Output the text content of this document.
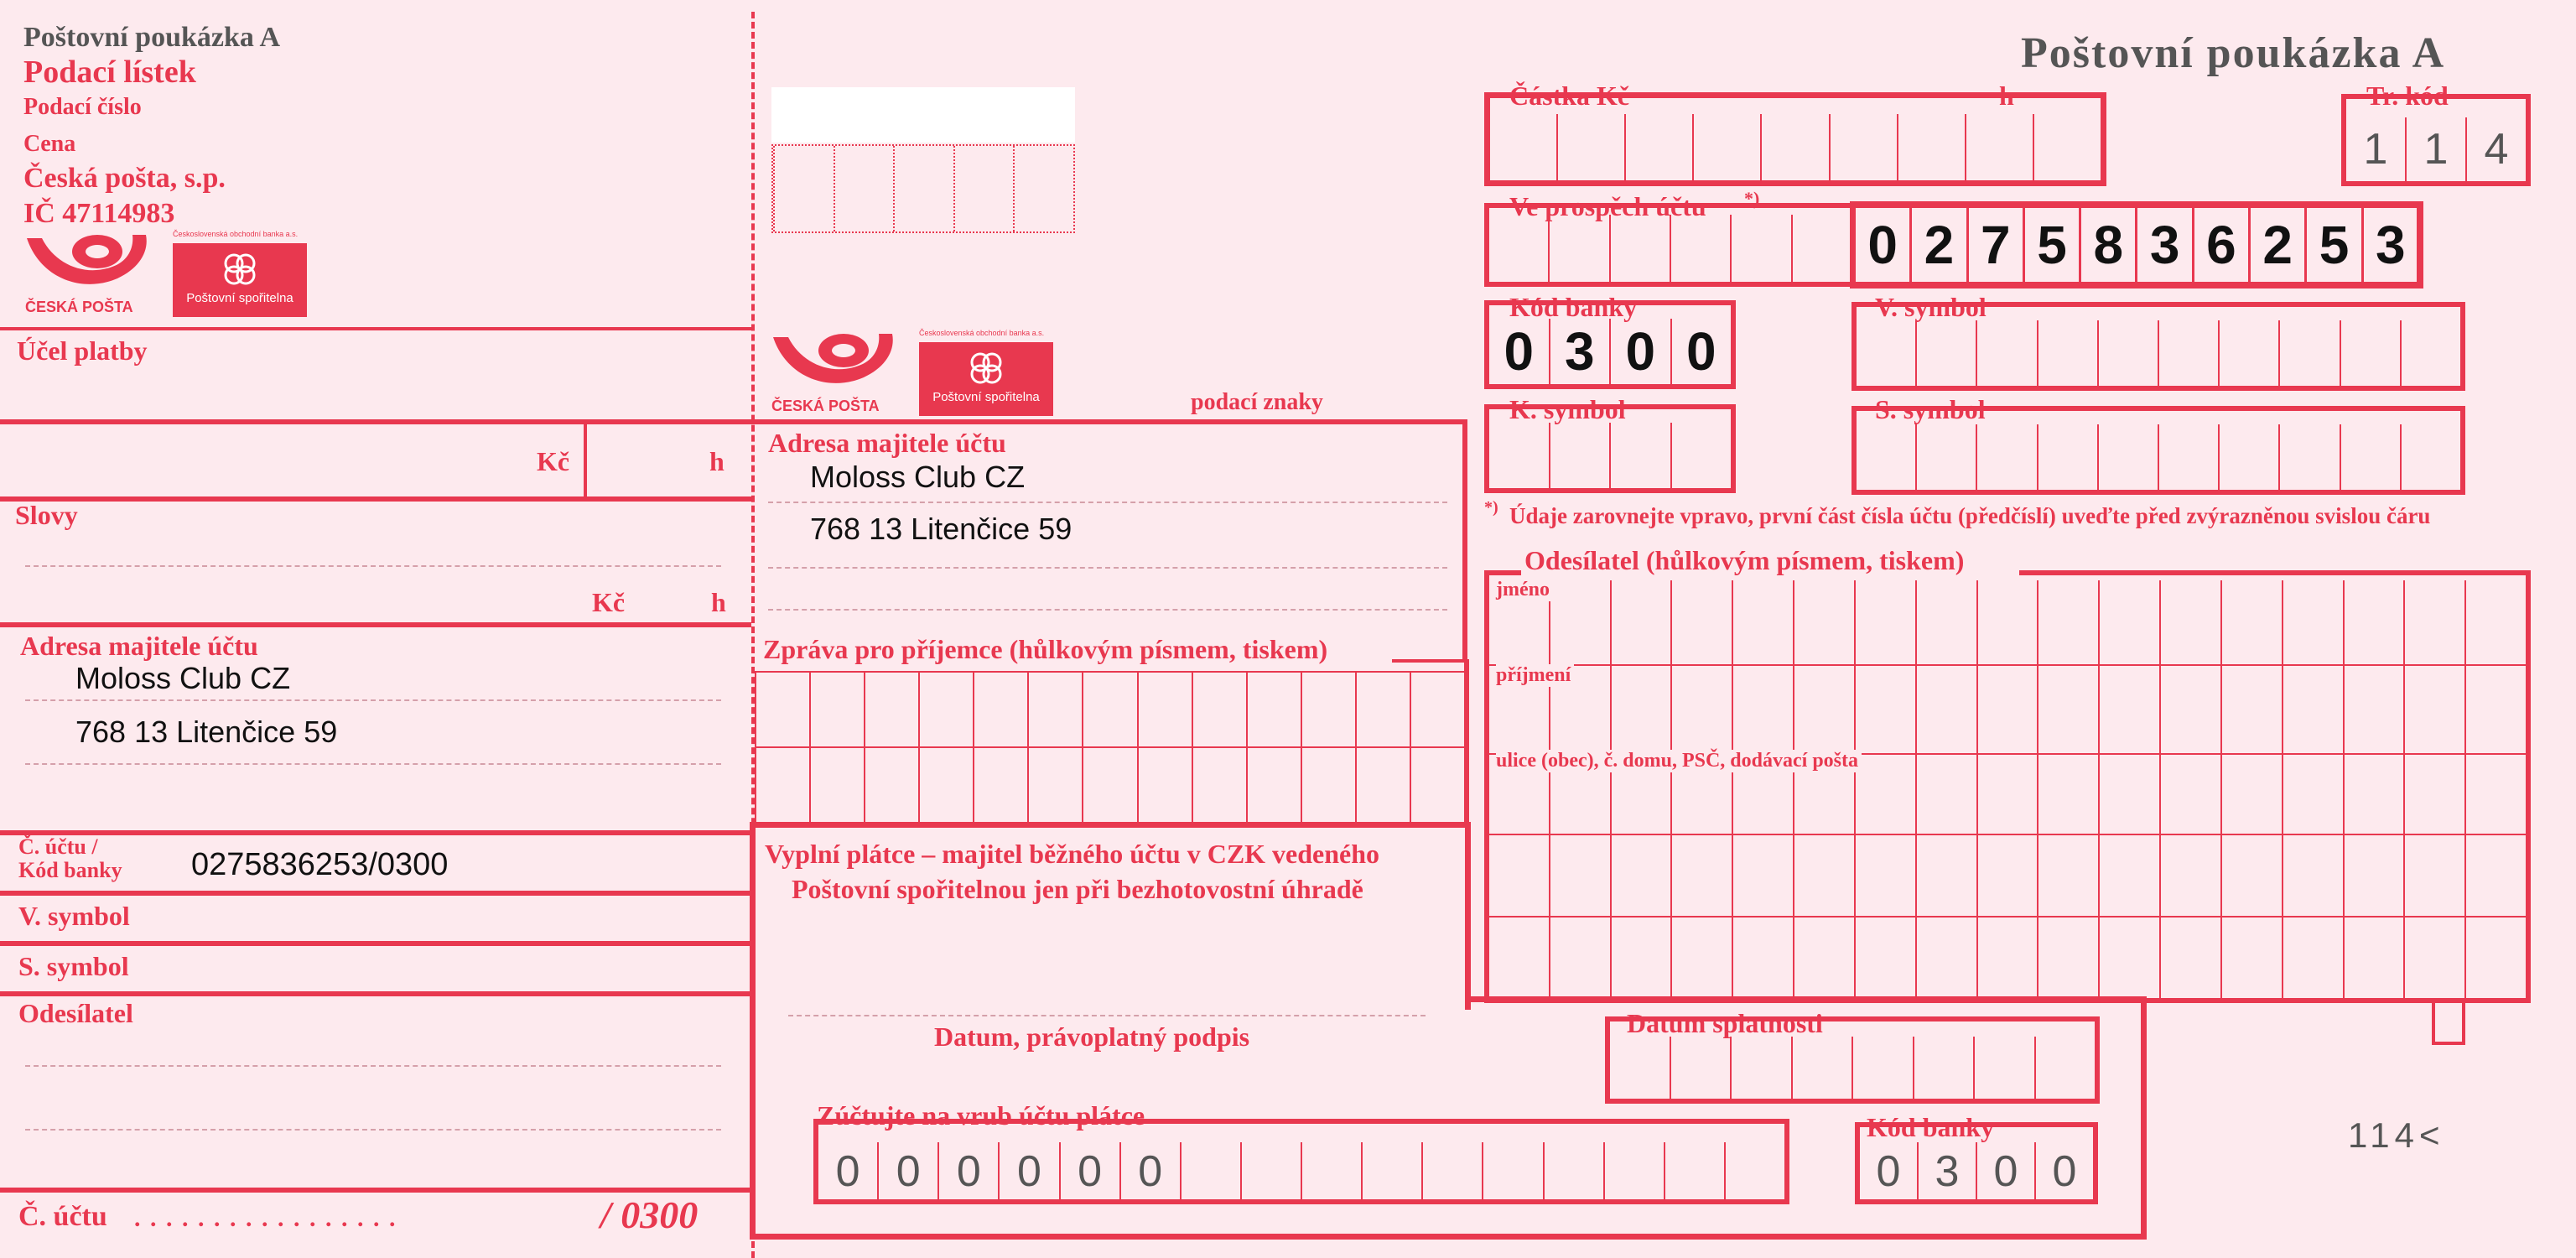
Poštovní poukázka A
Podací lístek
Podací číslo
Cena
Česká pošta, s.p.
IČ 47114983
ČESKÁ POŠTA
Československá obchodní banka a.s.
Poštovní spořitelna
Účel platby
Kč	h
Slovy
Kč	h
Adresa majitele účtu
Moloss Club CZ
768 13 Litenčice 59
Č. účtu /
Kód banky 0275836253/0300
V. symbol
S. symbol
Odesílatel
Č. účtu . . . . . . . . . . . . . . . . .	/ 0300
ČESKÁ POŠTA
Československá obchodní banka a.s.
Poštovní spořitelna	podací znaky
Adresa majitele účtu
Moloss Club CZ
768 13 Litenčice 59
Zpráva pro příjemce (hůlkovým písmem, tiskem)
Vyplní plátce – majitel běžného účtu v CZK vedeného
Poštovní spořitelnou jen při bezhotovostní úhradě
Datum, právoplatný podpis
Zúčtujte na vrub účtu plátce
0 0 0 0 0 0
Kód banky
0 3 0 0
Poštovní poukázka A
Částka Kč	h	Tr. kód
1 1 4
Ve prospěch účtu *)
0 2 7 5 8 3 6 2 5 3
Kód banky
0 3 0 0
V. symbol
K. symbol	S. symbol
*) Údaje zarovnejte vpravo, první část čísla účtu (předčíslí) uveďte před zvýrazněnou svislou čáru
Odesílatel (hůlkovým písmem, tiskem)
jméno
příjmení
ulice (obec), č. domu, PSČ, dodávací pošta
Datum splatnosti
114<
